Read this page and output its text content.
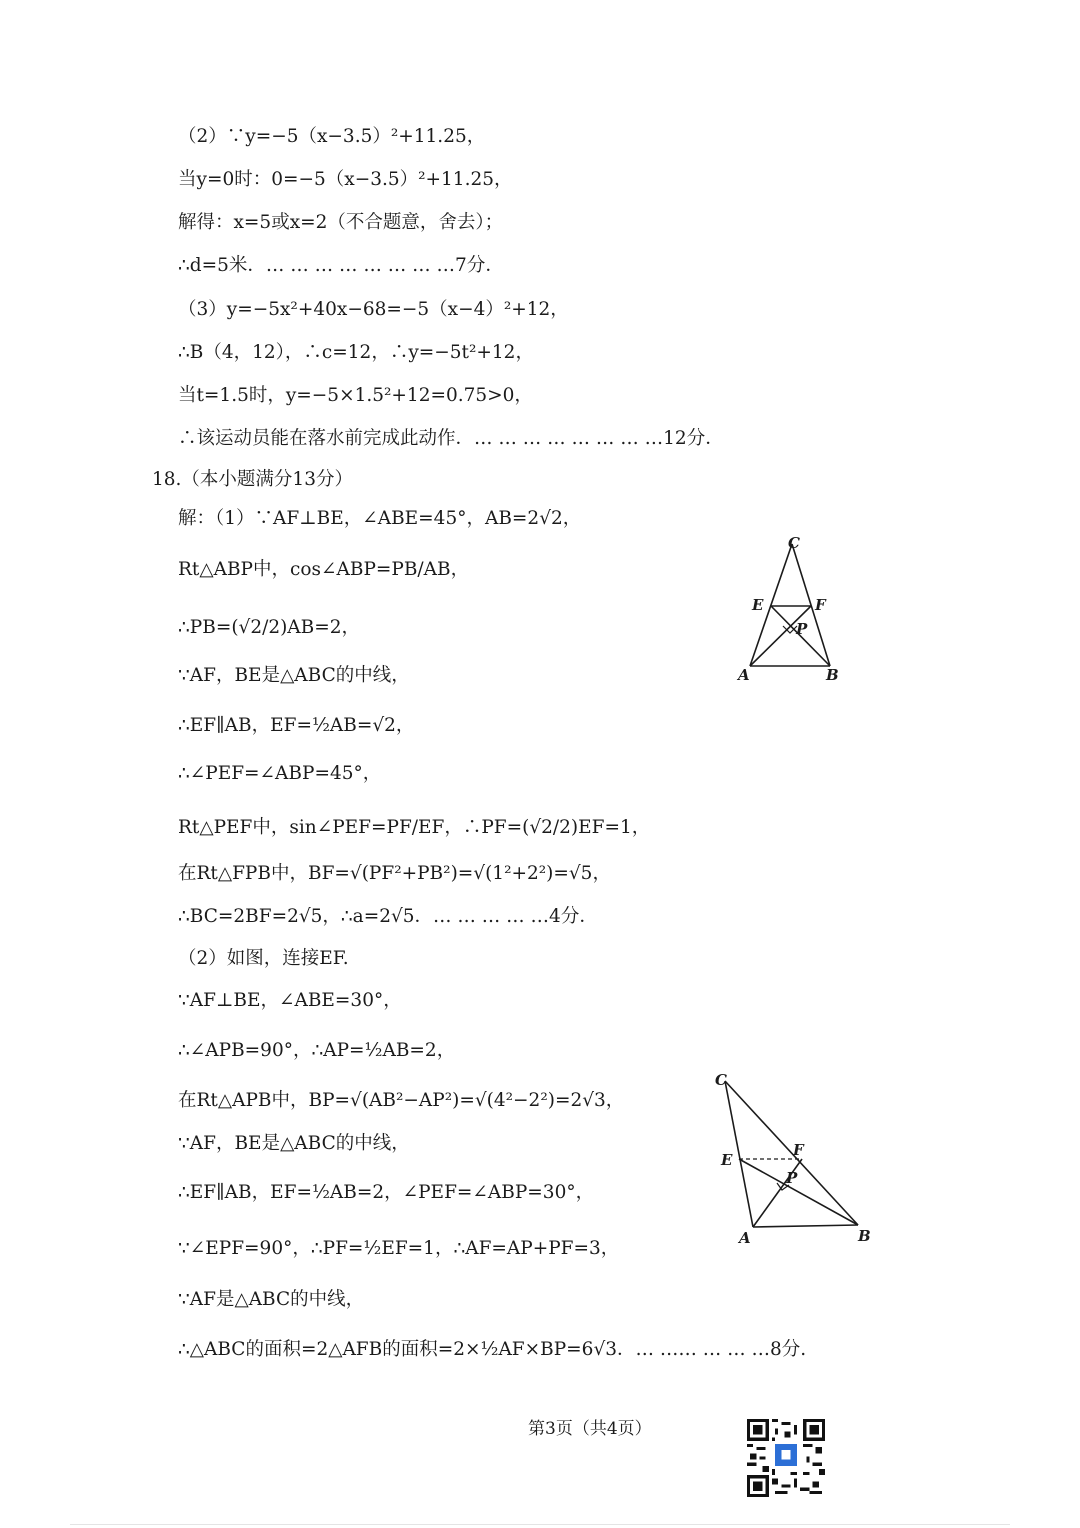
（2）∵y=−5（x−3.5）²+11.25，
当y=0时：0=−5（x−3.5）²+11.25，
解得：x=5或x=2（不合题意，舍去）；
∴d=5米．… … … … … … … …7分．
（3）y=−5x²+40x−68=−5（x−4）²+12，
∴B（4，12），∴c=12，∴y=−5t²+12，
当t=1.5时，y=−5×1.5²+12=0.75>0，
∴该运动员能在落水前完成此动作．… … … … … … … …12分．
18.（本小题满分13分）
解：（1）∵AF⊥BE，∠ABE=45°，AB=2√2，
Rt△ABP中，cos∠ABP=PB/AB，
∴PB=(√2/2)AB=2，
∵AF，BE是△ABC的中线，
∴EF∥AB，EF=½AB=√2，
∴∠PEF=∠ABP=45°，
Rt△PEF中，sin∠PEF=PF/EF，∴PF=(√2/2)EF=1，
在Rt△FPB中，BF=√(PF²+PB²)=√(1²+2²)=√5，
∴BC=2BF=2√5，∴a=2√5．… … … … …4分．
（2）如图，连接EF.
∵AF⊥BE，∠ABE=30°，
∴∠APB=90°，∴AP=½AB=2，
在Rt△APB中，BP=√(AB²−AP²)=√(4²−2²)=2√3，
∵AF，BE是△ABC的中线，
∴EF∥AB，EF=½AB=2，∠PEF=∠ABP=30°，
∵∠EPF=90°，∴PF=½EF=1，∴AF=AP+PF=3，
∵AF是△ABC的中线，
∴△ABC的面积=2△AFB的面积=2×½AF×BP=6√3．… …… … … …8分.
C
E	F
P
A	B
C
E
F
P
A	B
第3页（共4页）
